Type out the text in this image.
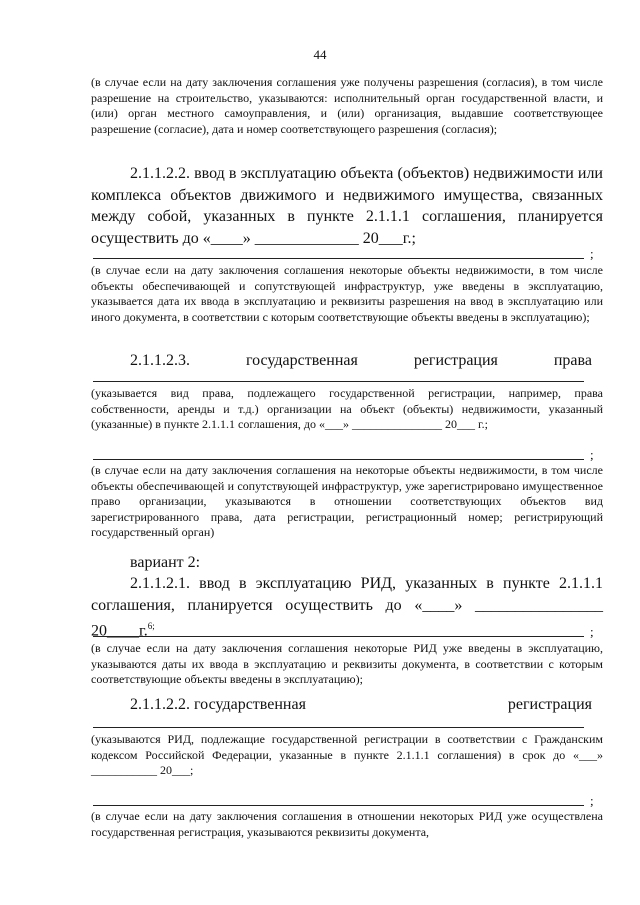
44
(в случае если на дату заключения соглашения уже получены разрешения (согласия), в том числе разрешение на строительство, указываются: исполнительный орган государственной власти, и (или) орган местного самоуправления, и (или) организация, выдавшие соответствующее разрешение (согласие), дата и номер соответствующего разрешения (согласия);

2.1.1.2.2. ввод в эксплуатацию объекта (объектов) недвижимости или комплекса объектов движимого и недвижимого имущества, связанных между собой, указанных в пункте 2.1.1.1 соглашения, планируется осуществить до «____» _____________ 20___г.;

;
(в случае если на дату заключения соглашения некоторые объекты недвижимости, в том числе объекты обеспечивающей и сопутствующей инфраструктур, уже введены в эксплуатацию, указывается дата их ввода в эксплуатацию и реквизиты разрешения на ввод в эксплуатацию или иного документа, в соответствии с которым соответствующие объекты введены в эксплуатацию);
2.1.1.2.3.	государственная	регистрация	права
(указывается вид права, подлежащего государственной регистрации, например, права собственности, аренды и т.д.) организации на объект (объекты) недвижимости, указанный (указанные) в пункте 2.1.1.1 соглашения, до «___» _______________ 20___ г.;
;
(в случае если на дату заключения соглашения на некоторые объекты недвижимости, в том числе объекты обеспечивающей и сопутствующей инфраструктур, уже зарегистрировано имущественное право организации, указываются в отношении соответствующих объектов вид зарегистрированного права, дата регистрации, регистрационный номер; регистрирующий государственный орган)
вариант 2:

2.1.1.2.1. ввод в эксплуатацию РИД, указанных в пункте 2.1.1.1 соглашения, планируется осуществить до «____» ________________ 20____г.$^{6;}$	;
(в случае если на дату заключения соглашения некоторые РИД уже введены в эксплуатацию, указываются даты их ввода в эксплуатацию и реквизиты документа, в соответствии с которым соответствующие объекты введены в эксплуатацию);
2.1.1.2.2. государственная	регистрация
(указываются РИД, подлежащие государственной регистрации в соответствии с Гражданским кодексом Российской Федерации, указанные в пункте 2.1.1.1 соглашения) в срок до «___» ___________ 20___;
;
(в случае если на дату заключения соглашения в отношении некоторых РИД уже осуществлена государственная регистрация, указываются реквизиты документа,
